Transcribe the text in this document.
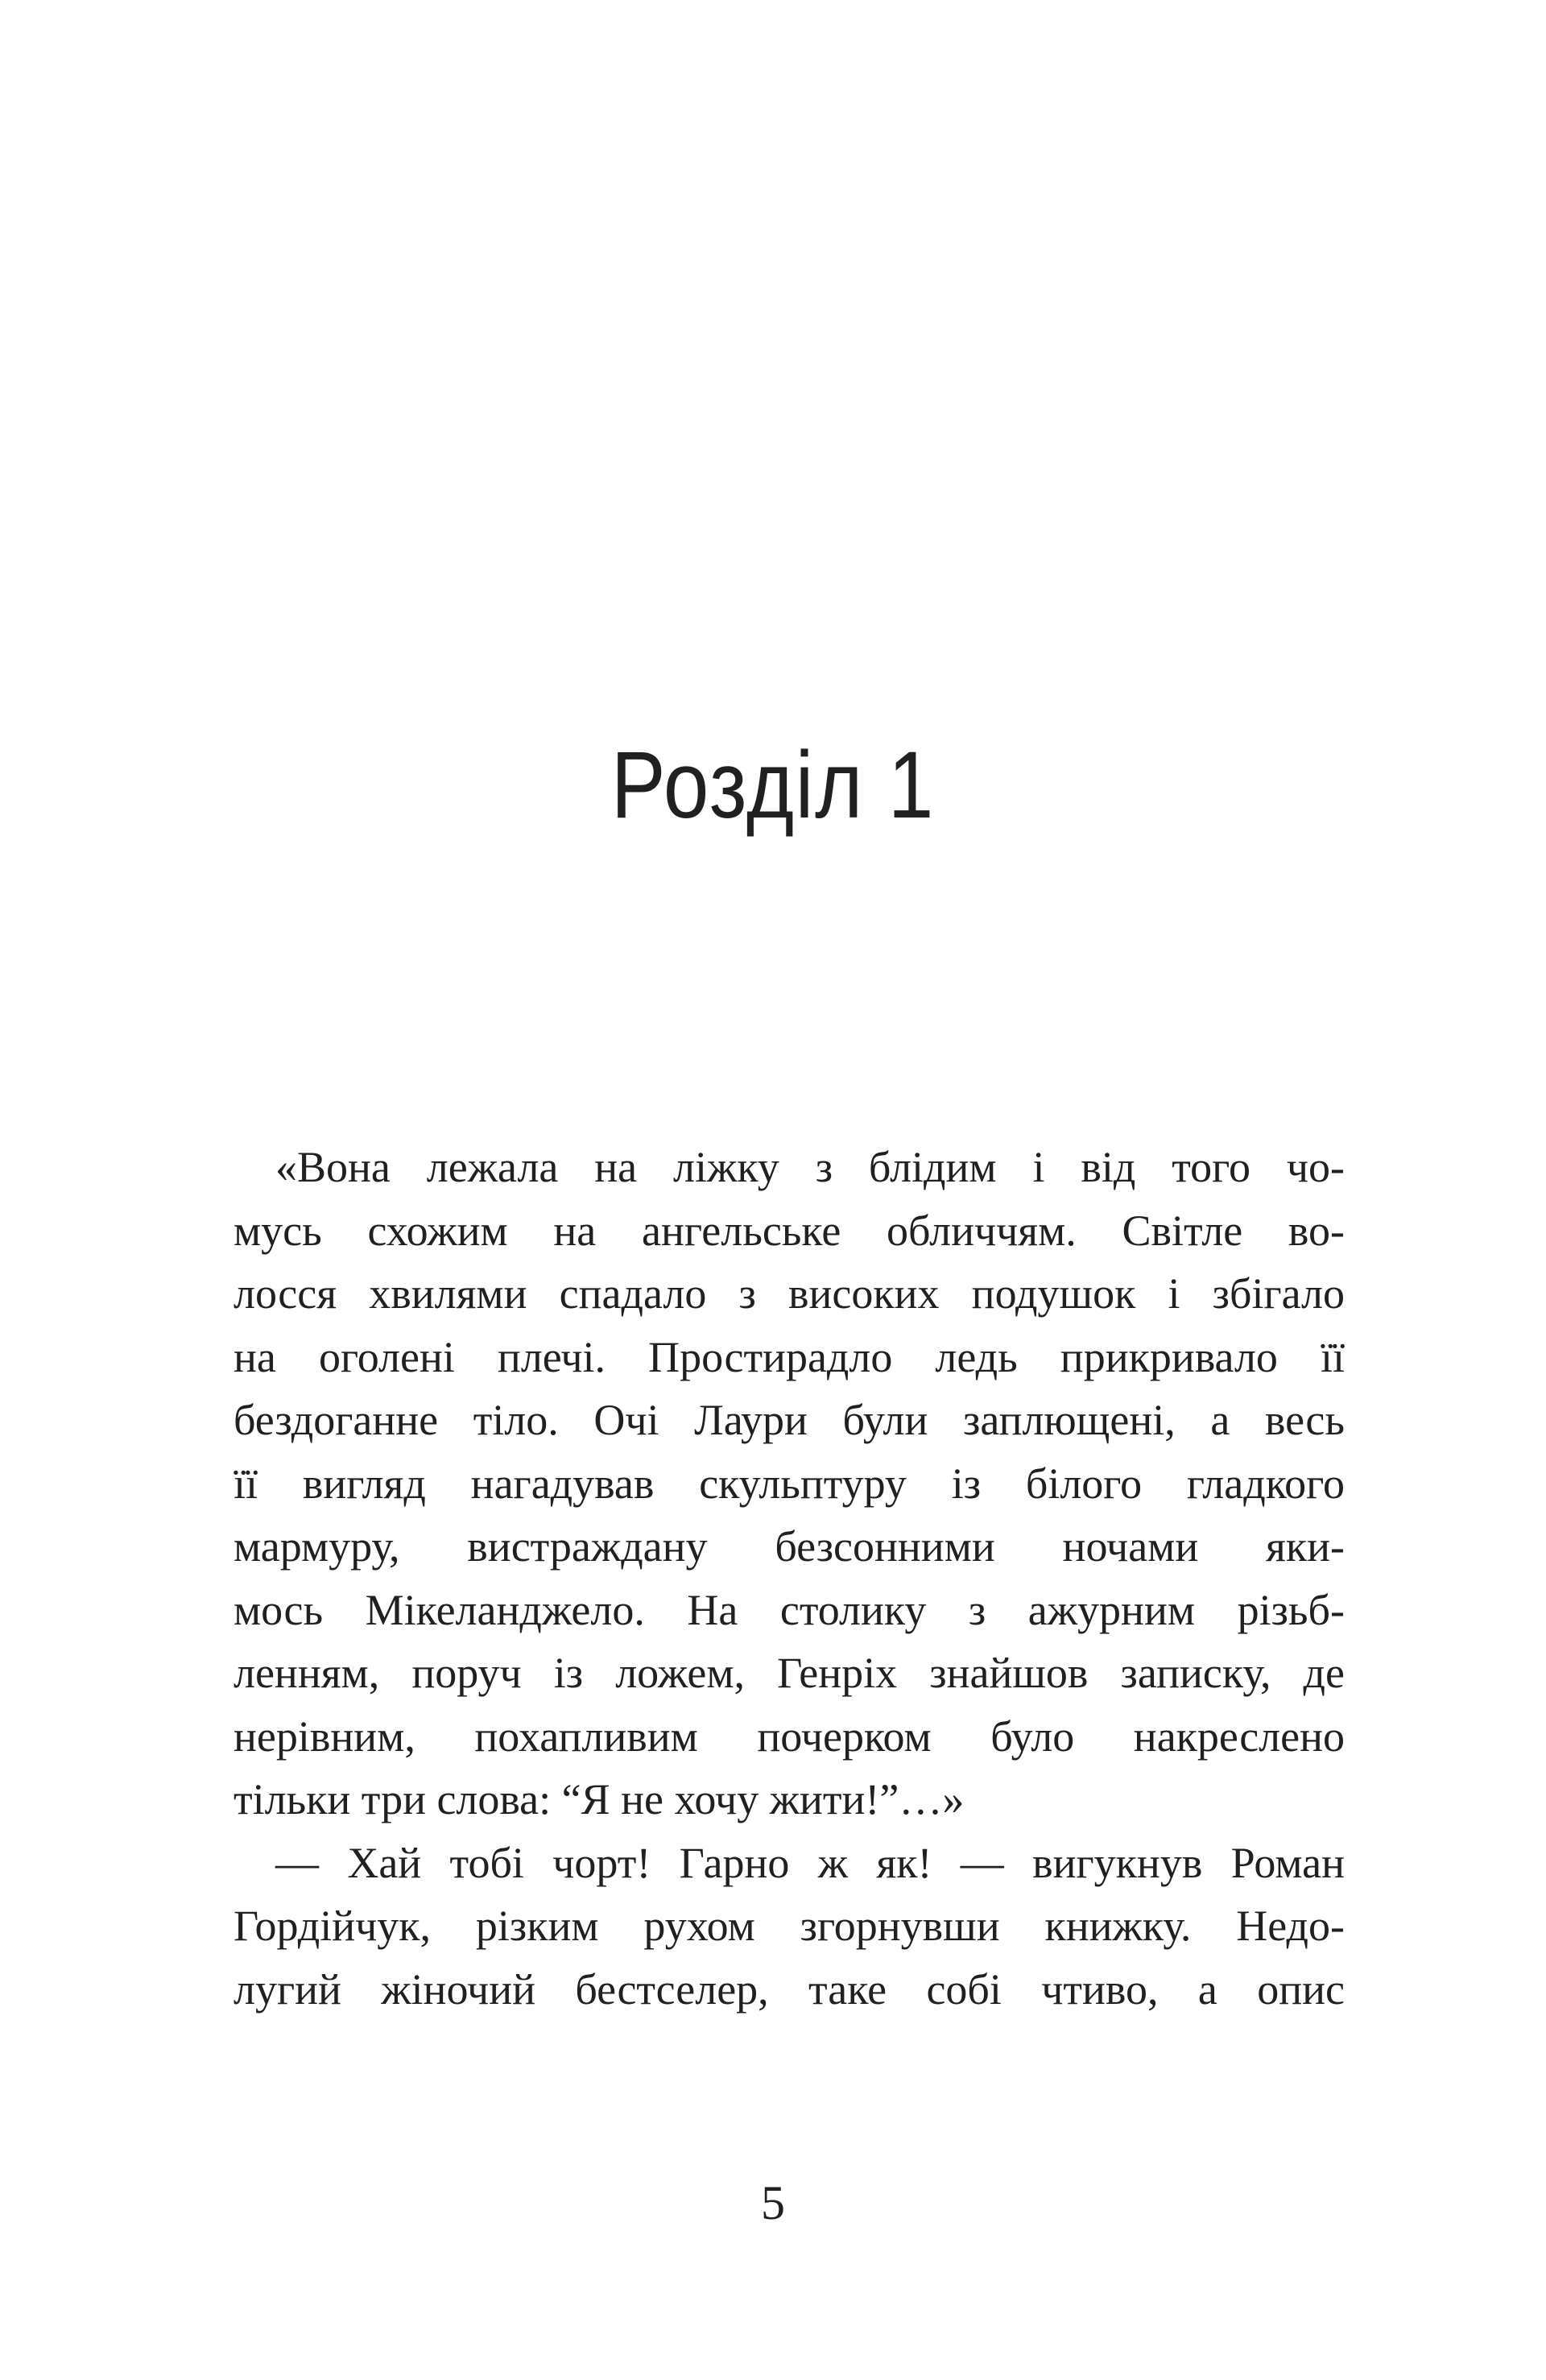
Розділ 1
«Вона лежала на ліжку з блідим і від того чо-
мусь схожим на ангельське обличчям. Світле во-
лосся хвилями спадало з високих подушок і збігало
на оголені плечі. Простирадло ледь прикривало її
бездоганне тіло. Очі Лаури були заплющені, а весь
її вигляд нагадував скульптуру із білого гладкого
мармуру, вистраждану безсонними ночами яки-
мось Мікеланджело. На столику з ажурним різьб-
ленням, поруч із ложем, Генріх знайшов записку, де
нерівним, похапливим почерком було накреслено
тільки три слова: “Я не хочу жити!”…»
— Хай тобі чорт! Гарно ж як! — вигукнув Роман
Гордійчук, різким рухом згорнувши книжку. Недо-
лугий жіночий бестселер, таке собі чтиво, а опис
5
